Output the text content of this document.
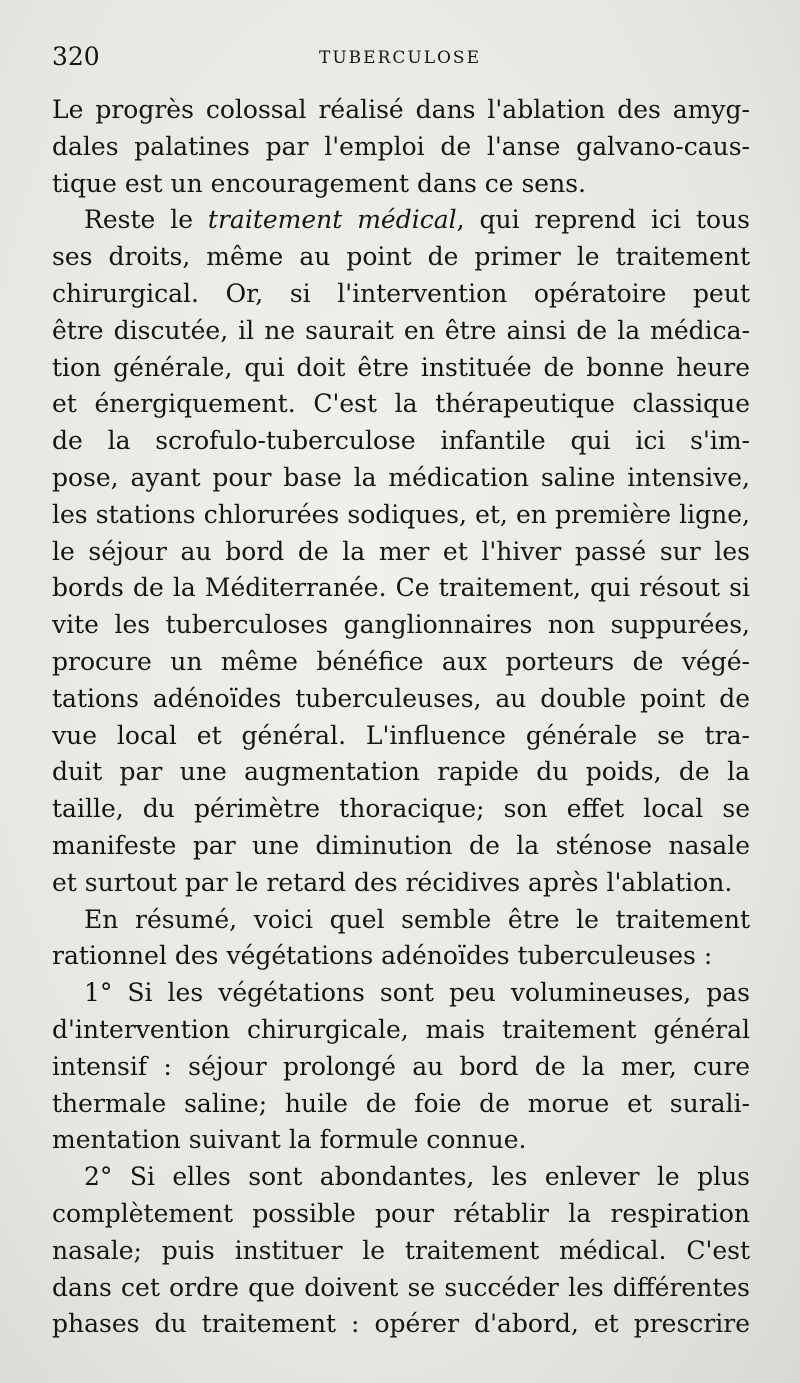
320	TUBERCULOSE
Le progrès colossal réalisé dans l'ablation des amyg-
dales palatines par l'emploi de l'anse galvano-caus-
tique est un encouragement dans ce sens.
Reste le traitement médical, qui reprend ici tous
ses droits, même au point de primer le traitement
chirurgical. Or, si l'intervention opératoire peut
être discutée, il ne saurait en être ainsi de la médica-
tion générale, qui doit être instituée de bonne heure
et énergiquement. C'est la thérapeutique classique
de la scrofulo-tuberculose infantile qui ici s'im-
pose, ayant pour base la médication saline intensive,
les stations chlorurées sodiques, et, en première ligne,
le séjour au bord de la mer et l'hiver passé sur les
bords de la Méditerranée. Ce traitement, qui résout si
vite les tuberculoses ganglionnaires non suppurées,
procure un même bénéfice aux porteurs de végé-
tations adénoïdes tuberculeuses, au double point de
vue local et général. L'influence générale se tra-
duit par une augmentation rapide du poids, de la
taille, du périmètre thoracique; son effet local se
manifeste par une diminution de la sténose nasale
et surtout par le retard des récidives après l'ablation.
En résumé, voici quel semble être le traitement
rationnel des végétations adénoïdes tuberculeuses :
1° Si les végétations sont peu volumineuses, pas
d'intervention chirurgicale, mais traitement général
intensif : séjour prolongé au bord de la mer, cure
thermale saline; huile de foie de morue et surali-
mentation suivant la formule connue.
2° Si elles sont abondantes, les enlever le plus
complètement possible pour rétablir la respiration
nasale; puis instituer le traitement médical. C'est
dans cet ordre que doivent se succéder les différentes
phases du traitement : opérer d'abord, et prescrire
